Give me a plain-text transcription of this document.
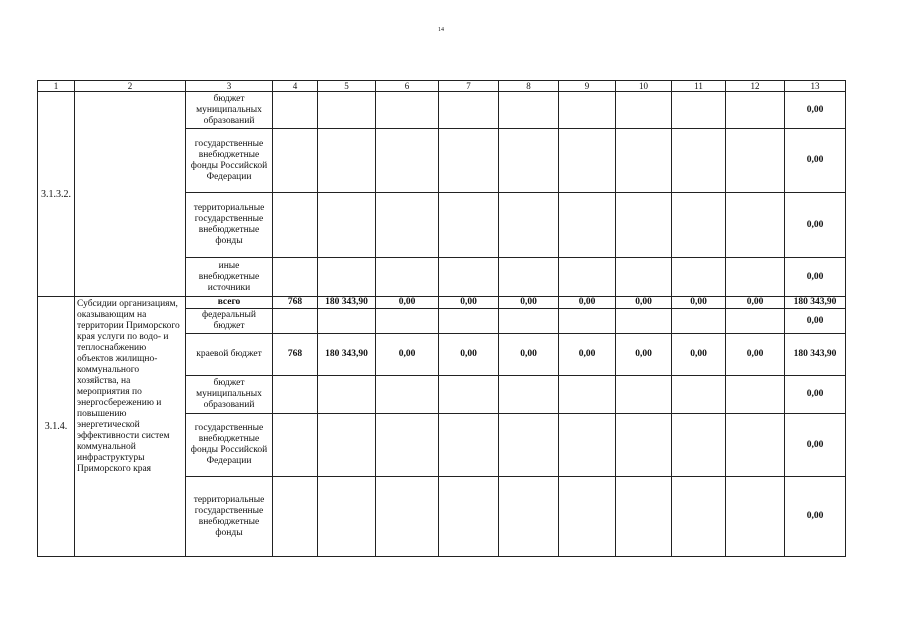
14
1	2	3	4	5	6	7	8	9	10	11	12	13
3.1.3.2.		бюджет муниципальных образований										0,00
		государственные внебюджетные фонды Российской Федерации										0,00
		территориальные государственные внебюджетные фонды										0,00
		иные внебюджетные источники										0,00
3.1.4.	Субсидии организациям, оказывающим на территории Приморского края услуги по водо- и теплоснабжению объектов жилищно-коммунального хозяйства, на мероприятия по энергосбережению и повышению энергетической эффективности систем коммунальной инфраструктуры Приморского края	всего	768	180 343,90	0,00	0,00	0,00	0,00	0,00	0,00	0,00	180 343,90
		федеральный бюджет										0,00
		краевой бюджет	768	180 343,90	0,00	0,00	0,00	0,00	0,00	0,00	0,00	180 343,90
		бюджет муниципальных образований										0,00
		государственные внебюджетные фонды Российской Федерации										0,00
		территориальные государственные внебюджетные фонды										0,00
